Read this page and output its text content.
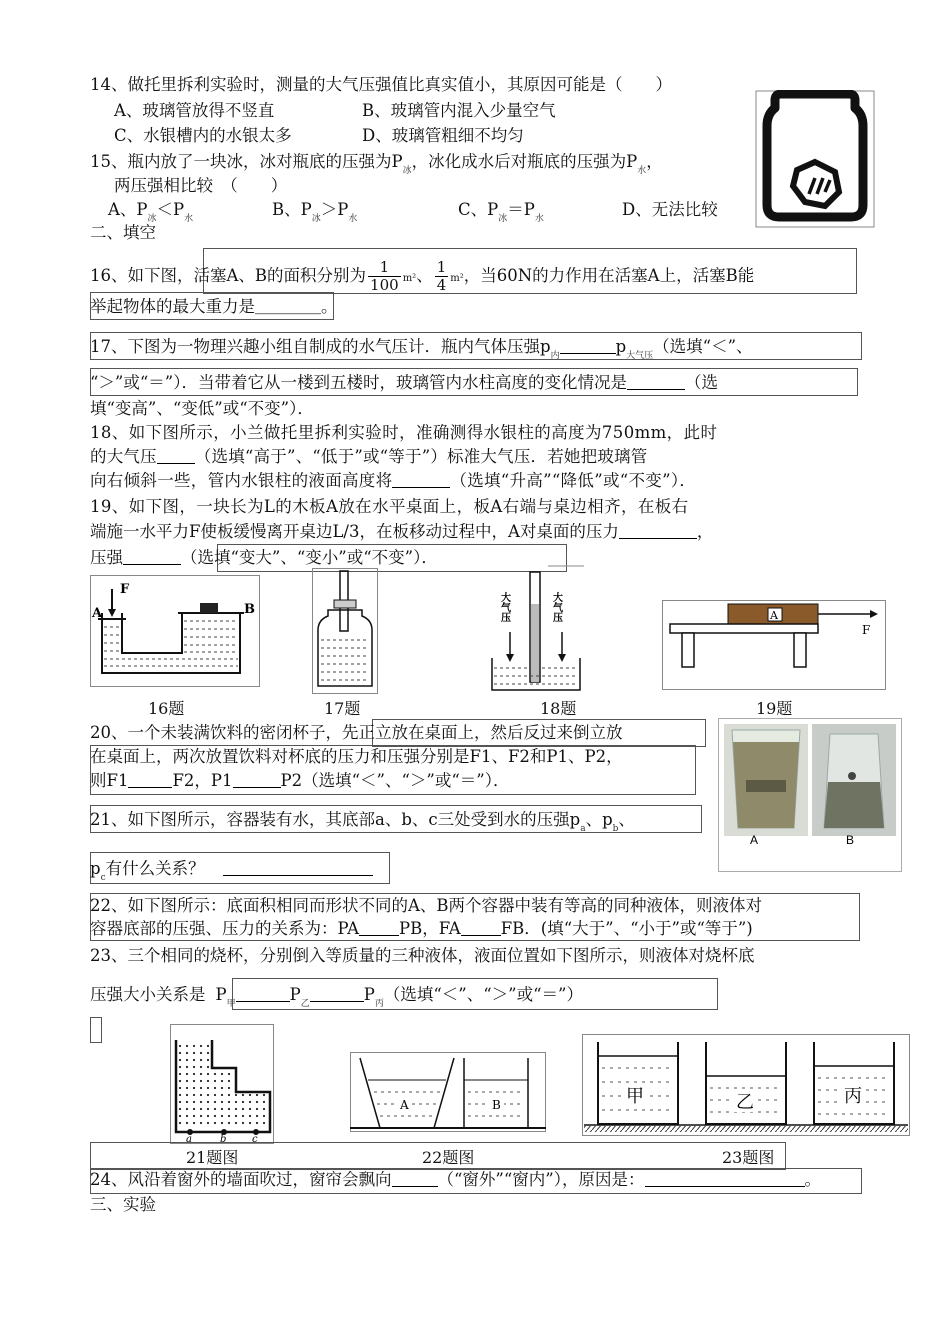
14、做托里拆利实验时，测量的大气压强值比真实值小，其原因可能是（　　）
A、玻璃管放得不竖直	B、玻璃管内混入少量空气
C、水银槽内的水银太多	D、玻璃管粗细不均匀
15、瓶内放了一块冰，冰对瓶底的压强为$P_冰$，冰化成水后对瓶底的压强为$P_水$，
两压强相比较　（　　）
A、$P_冰<P_水$	B、$P_冰>P_水$	C、$P_冰=P_水$	D、无法比较
二、填空
16、如下图，活塞A、B的面积分别为 $\frac{1}{100} m^2$、 $\frac{1}{4} m^2$，当60N的力作用在活塞A上，活塞B能
举起物体的最大重力是＿＿＿＿。
17、下图为一物理兴趣小组自制成的水气压计．瓶内气体压强$p_内$	$p_{大气压}$（选填“＜”、
“＞”或“＝”）．当带着它从一楼到五楼时，玻璃管内水柱高度的变化情况是	（选
填“变高”、“变低”或“不变”）．
18、如下图所示，小兰做托里拆利实验时，准确测得水银柱的高度为750mm，此时
的大气压 （选填“高于”、“低于”或“等于”）标准大气压．若她把玻璃管
向右倾斜一些，管内水银柱的液面高度将	（选填“升高”“降低”或“不变”）．
19、如下图，一块长为L的木板A放在水平桌面上，板A右端与桌边相齐，在板右
端施一水平力F使板缓慢离开桌边L/3，在板移动过程中，A对桌面的压力	，
压强	（选填“变大”、“变小”或“不变”）．
F
A	B	大气压	大气压	A
F
16题	17题	18题	19题
20、一个未装满饮料的密闭杯子，先正立放在桌面上，然后反过来倒立放
在桌面上，两次放置饮料对杯底的压力和压强分别是F1、F2和P1、P2，
则F1	F2，P1	P2（选填“＜”、“＞”或“＝”）．
A	B
21、如下图所示，容器装有水，其底部a、b、c三处受到水的压强$p_a$、$p_b$、
$p_c$有什么关系？
22、如下图所示：底面积相同而形状不同的A、B两个容器中装有等高的同种液体，则液体对
容器底部的压强、压力的关系为：PA PB，FA FB．(填“大于”、“小于”或“等于”)
23、三个相同的烧杯，分别倒入等质量的三种液体，液面位置如下图所示，则液体对烧杯底
压强大小关系是 $P_甲$	$P_乙$	$P_丙$（选填“＜”、“＞”或“＝”）
a	b	c
A	B	甲	乙	丙
21题图	22题图	23题图
24、风沿着窗外的墙面吹过，窗帘会飘向	（“窗外”“窗内”），原因是：	。
三、实验
